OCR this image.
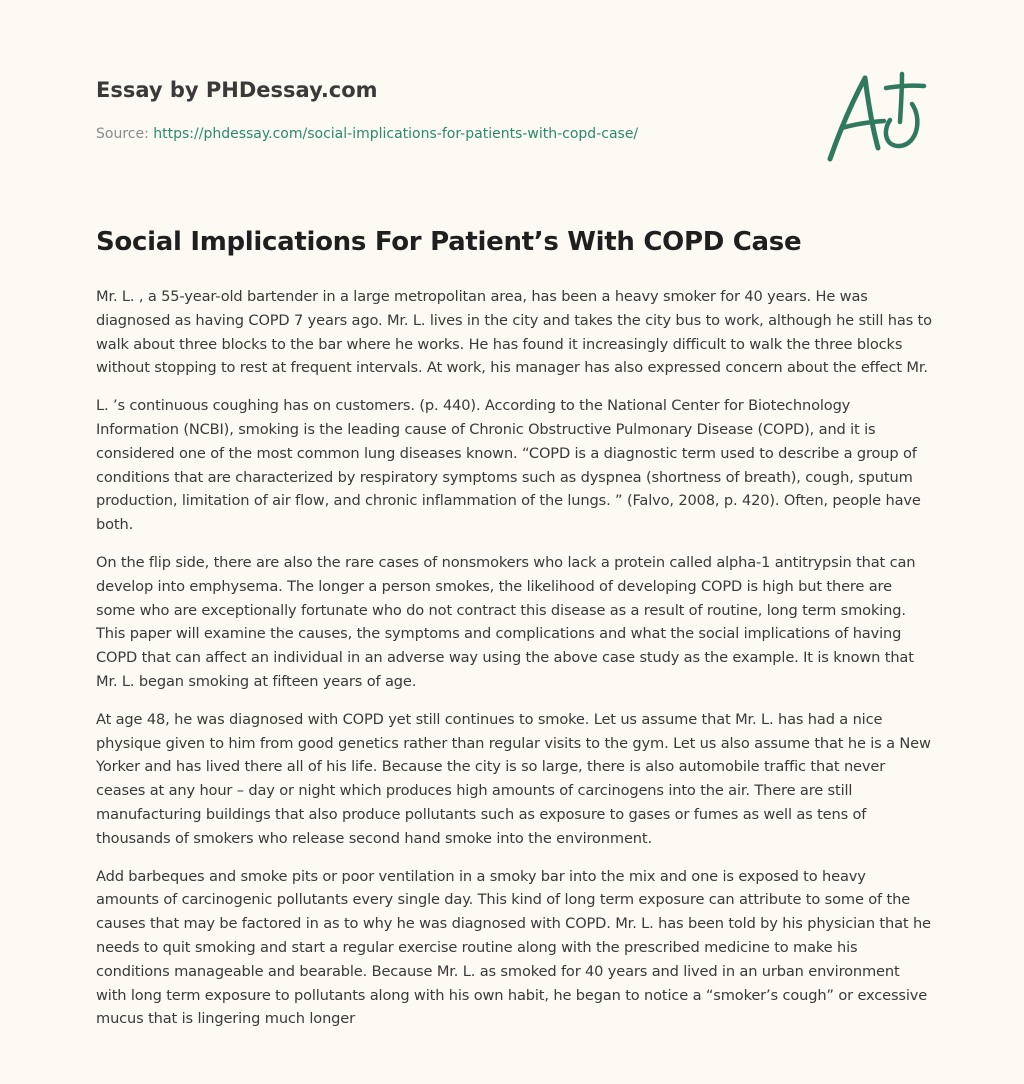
Essay by PHDessay.com
Source: https://phdessay.com/social-implications-for-patients-with-copd-case/
Social Implications For Patient’s With COPD Case

Mr. L. , a 55-year-old bartender in a large metropolitan area, has been a heavy smoker for 40 years. He was diagnosed as having COPD 7 years ago. Mr. L. lives in the city and takes the city bus to work, although he still has to walk about three blocks to the bar where he works. He has found it increasingly difficult to walk the three blocks without stopping to rest at frequent intervals. At work, his manager has also expressed concern about the effect Mr.

L. ’s continuous coughing has on customers. (p. 440). According to the National Center for Biotechnology Information (NCBI), smoking is the leading cause of Chronic Obstructive Pulmonary Disease (COPD), and it is considered one of the most common lung diseases known. “COPD is a diagnostic term used to describe a group of conditions that are characterized by respiratory symptoms such as dyspnea (shortness of breath), cough, sputum production, limitation of air flow, and chronic inflammation of the lungs. ” (Falvo, 2008, p. 420). Often, people have both.

On the flip side, there are also the rare cases of nonsmokers who lack a protein called alpha-1 antitrypsin that can develop into emphysema. The longer a person smokes, the likelihood of developing COPD is high but there are some who are exceptionally fortunate who do not contract this disease as a result of routine, long term smoking. This paper will examine the causes, the symptoms and complications and what the social implications of having COPD that can affect an individual in an adverse way using the above case study as the example. It is known that Mr. L. began smoking at fifteen years of age.

At age 48, he was diagnosed with COPD yet still continues to smoke. Let us assume that Mr. L. has had a nice physique given to him from good genetics rather than regular visits to the gym. Let us also assume that he is a New Yorker and has lived there all of his life. Because the city is so large, there is also automobile traffic that never ceases at any hour – day or night which produces high amounts of carcinogens into the air. There are still manufacturing buildings that also produce pollutants such as exposure to gases or fumes as well as tens of thousands of smokers who release second hand smoke into the environment.

Add barbeques and smoke pits or poor ventilation in a smoky bar into the mix and one is exposed to heavy amounts of carcinogenic pollutants every single day. This kind of long term exposure can attribute to some of the causes that may be factored in as to why he was diagnosed with COPD. Mr. L. has been told by his physician that he needs to quit smoking and start a regular exercise routine along with the prescribed medicine to make his conditions manageable and bearable. Because Mr. L. as smoked for 40 years and lived in an urban environment with long term exposure to pollutants along with his own habit, he began to notice a “smoker’s cough” or excessive mucus that is lingering much longer
